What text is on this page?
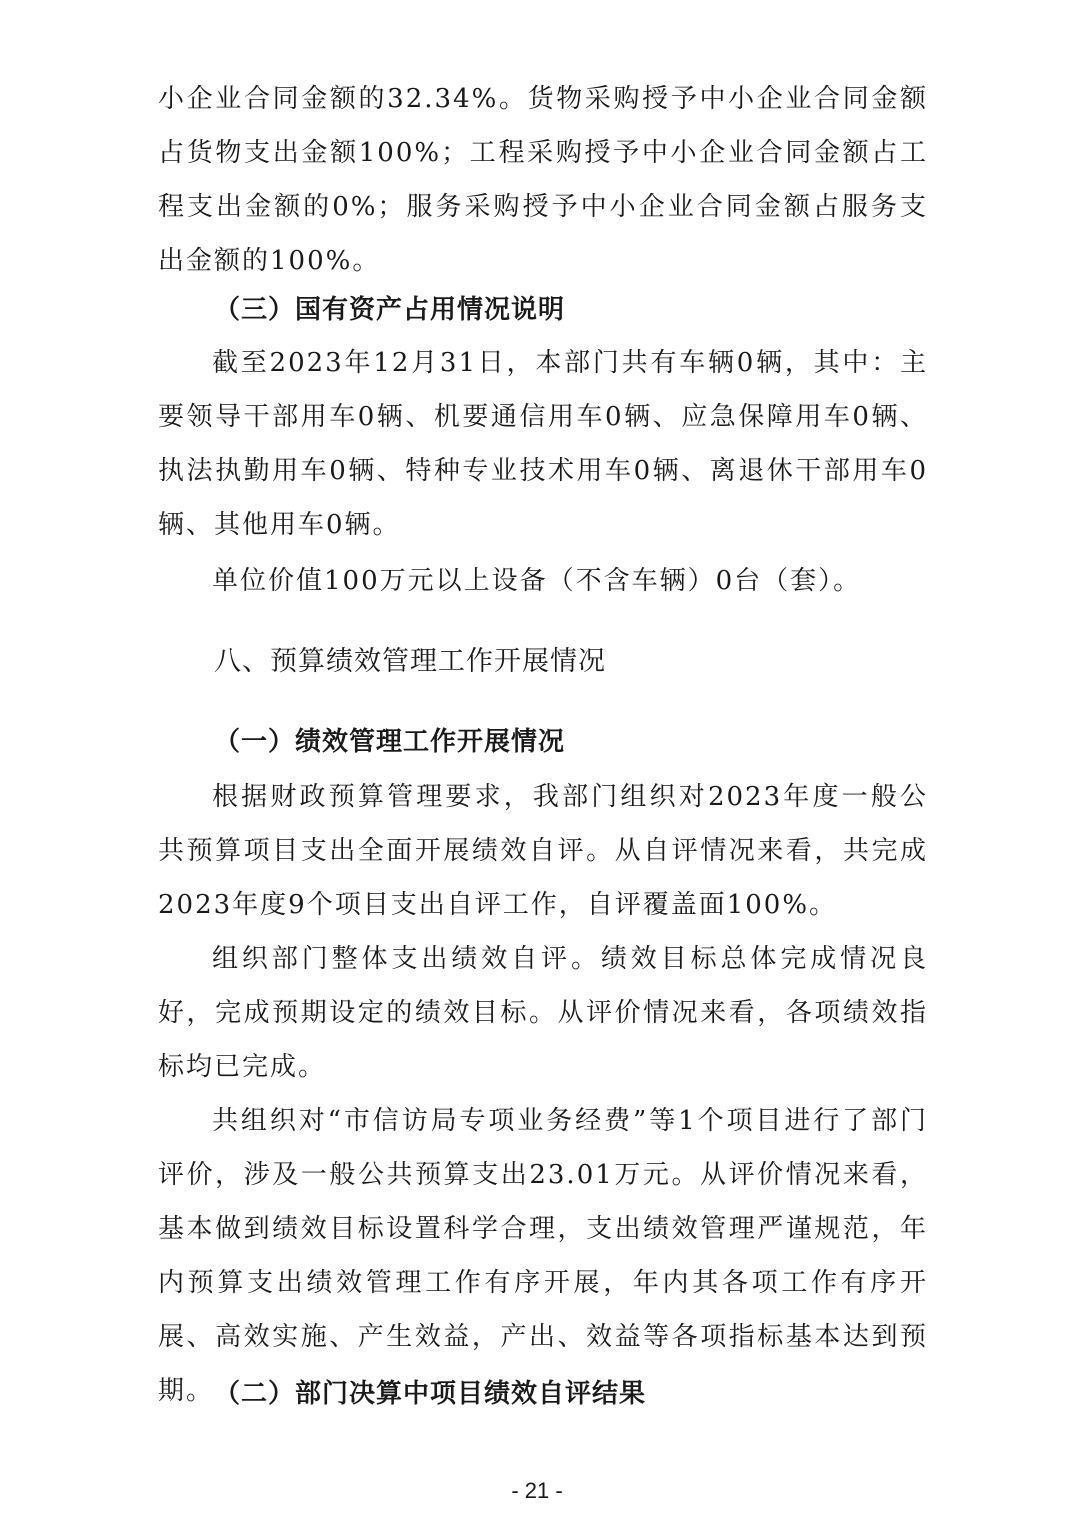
小企业合同金额的32.34%。货物采购授予中小企业合同金额占货物支出金额100%；工程采购授予中小企业合同金额占工程支出金额的0%；服务采购授予中小企业合同金额占服务支出金额的100%。

（三）国有资产占用情况说明

截至2023年12月31日，本部门共有车辆0辆，其中：主要领导干部用车0辆、机要通信用车0辆、应急保障用车0辆、执法执勤用车0辆、特种专业技术用车0辆、离退休干部用车0辆、其他用车0辆。

单位价值100万元以上设备（不含车辆）0台（套）。

八、预算绩效管理工作开展情况
（一）绩效管理工作开展情况

根据财政预算管理要求，我部门组织对2023年度一般公共预算项目支出全面开展绩效自评。从自评情况来看，共完成2023年度9个项目支出自评工作，自评覆盖面100%。

组织部门整体支出绩效自评。绩效目标总体完成情况良好，完成预期设定的绩效目标。从评价情况来看，各项绩效指标均已完成。

共组织对“市信访局专项业务经费”等1个项目进行了部门评价，涉及一般公共预算支出23.01万元。从评价情况来看，基本做到绩效目标设置科学合理，支出绩效管理严谨规范，年内预算支出绩效管理工作有序开展，年内其各项工作有序开展、高效实施、产生效益，产出、效益等各项指标基本达到预期。 （二）部门决算中项目绩效自评结果
- 21 -
